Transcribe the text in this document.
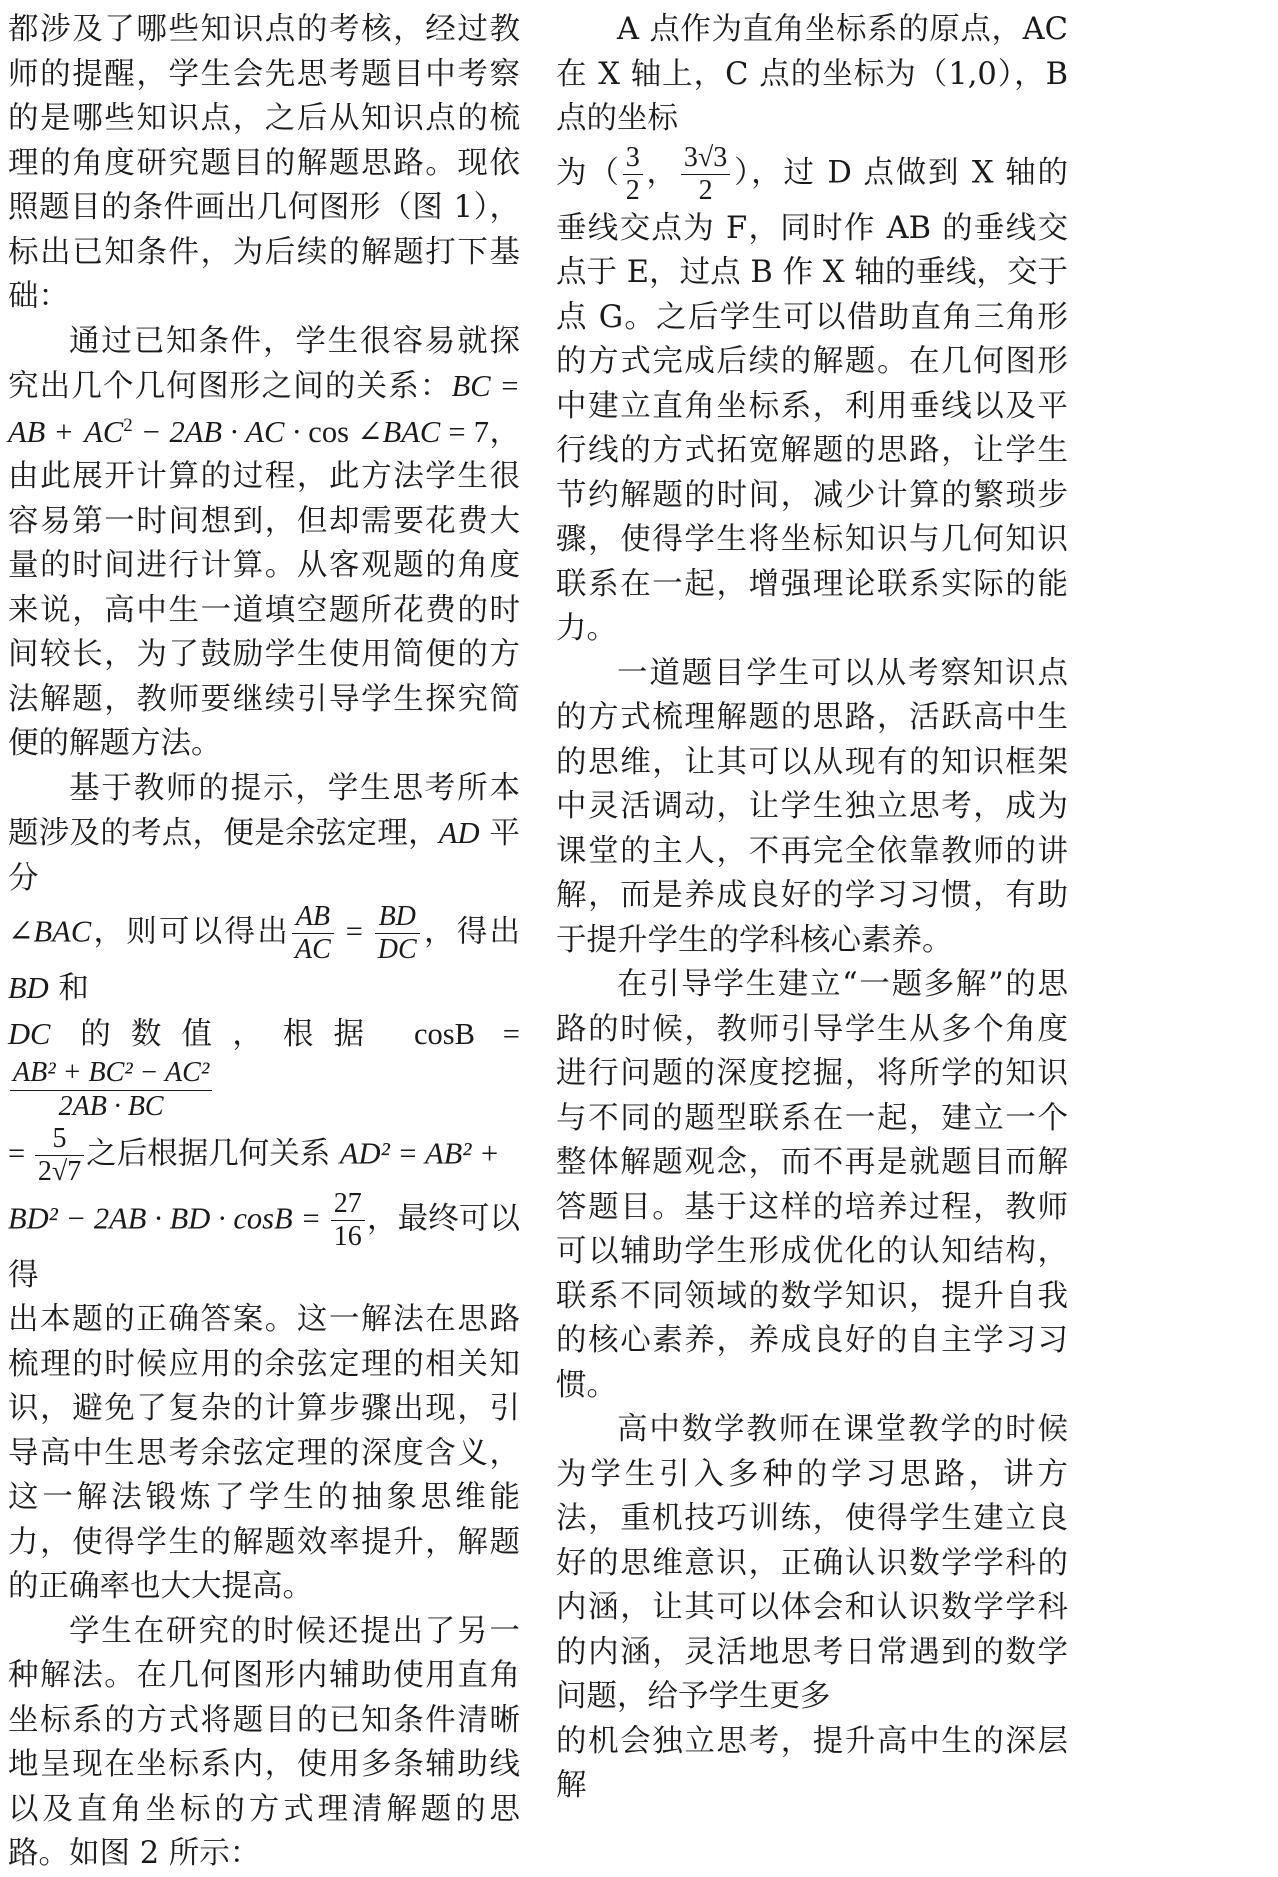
都涉及了哪些知识点的考核，经过教师的提醒，学生会先思考题目中考察的是哪些知识点，之后从知识点的梳理的角度研究题目的解题思路。现依照题目的条件画出几何图形（图 1），标出已知条件，为后续的解题打下基础：

通过已知条件，学生很容易就探究出几个几何图形之间的关系：BC = AB + $AC^2 - 2AB$ · AC · cos ∠BAC = 7，由此展开计算的过程，此方法学生很容易第一时间想到，但却需要花费大量的时间进行计算。从客观题的角度来说，高中生一道填空题所花费的时间较长，为了鼓励学生使用简便的方法解题，教师要继续引导学生探究简便的解题方法。

基于教师的提示，学生思考所本题涉及的考点，便是余弦定理，AD 平分

∠BAC，则可以得出 $\frac{AB}{AC} = \frac{BD}{DC}$ ，得出 BD 和

DC 的数值，根据 cosB =
$\frac{\text{AB² + BC² − AC²}}{2AB \cdot BC}$

= $\frac{5}{2√7}$ 之后根据几何关系 AD² = AB² +

BD² − 2AB · BD · $\cos B = \frac{27}{16}$ ，最终可以得

出本题的正确答案。这一解法在思路梳理的时候应用的余弦定理的相关知识，避免了复杂的计算步骤出现，引导高中生思考余弦定理的深度含义，这一解法锻炼了学生的抽象思维能力，使得学生的解题效率提升，解题的正确率也大大提高。

学生在研究的时候还提出了另一种解法。在几何图形内辅助使用直角坐标系的方式将题目的已知条件清晰地呈现在坐标系内，使用多条辅助线以及直角坐标的方式理清解题的思路。如图 2 所示：

A 点作为直角坐标系的原点，AC 在 X 轴上，C 点的坐标为（1,0），B 点的坐标

为（ $\frac{3}{2}$ ， $\frac{3√3}{2}$ ），过 D 点做到 X 轴的垂线交点为 F，同时作 AB 的垂线交点于 E，过点 B 作 X 轴的垂线，交于点 G。之后学生可以借助直角三角形的方式完成后续的解题。在几何图形中建立直角坐标系，利用垂线以及平行线的方式拓宽解题的思路，让学生节约解题的时间，减少计算的繁琐步骤，使得学生将坐标知识与几何知识联系在一起，增强理论联系实际的能力。

一道题目学生可以从考察知识点的方式梳理解题的思路，活跃高中生的思维，让其可以从现有的知识框架中灵活调动，让学生独立思考，成为课堂的主人，不再完全依靠教师的讲解，而是养成良好的学习习惯，有助于提升学生的学科核心素养。

在引导学生建立“一题多解”的思路的时候，教师引导学生从多个角度进行问题的深度挖掘，将所学的知识与不同的题型联系在一起，建立一个整体解题观念，而不再是就题目而解答题目。基于这样的培养过程，教师可以辅助学生形成优化的认知结构，联系不同领域的数学知识，提升自我的核心素养，养成良好的自主学习习惯。

高中数学教师在课堂教学的时候为学生引入多种的学习思路，讲方法，重机技巧训练，使得学生建立良好的思维意识，正确认识数学学科的内涵，让其可以体会和认识数学学科的内涵，灵活地思考日常遇到的数学问题，给予学生更多

的机会独立思考，提升高中生的深层解
